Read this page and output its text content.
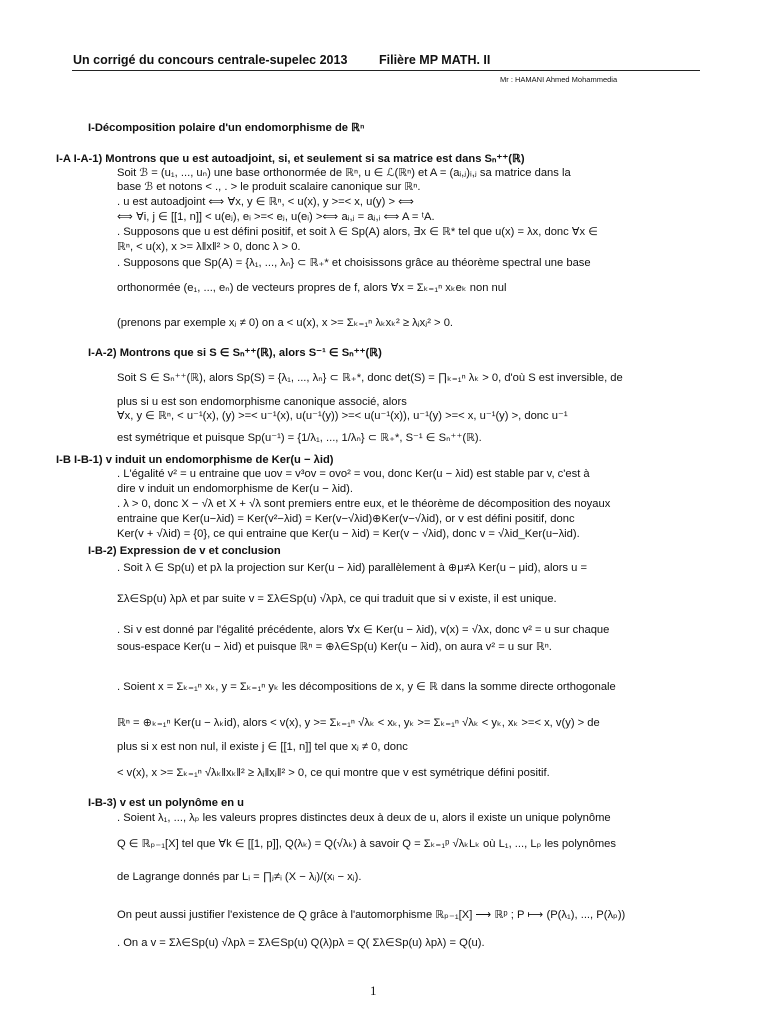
Un corrigé du concours centrale-supelec 2013	Filière MP MATH. II
Mr : HAMANI Ahmed Mohammedia
I-Décomposition polaire d'un endomorphisme de ℝⁿ
I-A I-A-1) Montrons que u est autoadjoint, si, et seulement si sa matrice est dans Sₙ⁺⁺(ℝ)
Soit ℬ = (u₁, ..., uₙ) une base orthonormée de ℝⁿ, u ∈ ℒ(ℝⁿ) et A = (aᵢ,ⱼ)ᵢ,ⱼ sa matrice dans la
base ℬ et notons < ., . > le produit scalaire canonique sur ℝⁿ.
. u est autoadjoint ⟺ ∀x, y ∈ ℝⁿ, < u(x), y >=< x, u(y) > ⟺
⟺ ∀i, j ∈ [[1, n]] < u(eⱼ), eᵢ >=< eⱼ, u(eᵢ) >⟺ aᵢ,ⱼ = aⱼ,ᵢ ⟺ A = ᵗA.
. Supposons que u est défini positif, et soit λ ∈ Sp(A) alors, ∃x ∈ ℝ* tel que u(x) = λx, donc ∀x ∈
ℝⁿ, < u(x), x >= λ‖x‖² > 0, donc λ > 0.
. Supposons que Sp(A) = {λ₁, ..., λₙ} ⊂ ℝ₊* et choisissons grâce au théorème spectral une base
orthonormée (e₁, ..., eₙ) de vecteurs propres de f, alors ∀x = Σₖ₌₁ⁿ xₖeₖ non nul
(prenons par exemple xⱼ ≠ 0) on a < u(x), x >= Σₖ₌₁ⁿ λₖxₖ² ≥ λⱼxⱼ² > 0.
I-A-2) Montrons que si S ∈ Sₙ⁺⁺(ℝ), alors S⁻¹ ∈ Sₙ⁺⁺(ℝ)
Soit S ∈ Sₙ⁺⁺(ℝ), alors Sp(S) = {λ₁, ..., λₙ} ⊂ ℝ₊*, donc det(S) = ∏ₖ₌₁ⁿ λₖ > 0, d'où S est inversible, de
plus si u est son endomorphisme canonique associé, alors
∀x, y ∈ ℝⁿ, < u⁻¹(x), (y) >=< u⁻¹(x), u(u⁻¹(y)) >=< u(u⁻¹(x)), u⁻¹(y) >=< x, u⁻¹(y) >, donc u⁻¹
est symétrique et puisque Sp(u⁻¹) = {1/λ₁, ..., 1/λₙ} ⊂ ℝ₊*, S⁻¹ ∈ Sₙ⁺⁺(ℝ).
I-B I-B-1) v induit un endomorphisme de Ker(u − λid)
. L'égalité v² = u entraine que uov = v³ov = ovo² = vou, donc Ker(u − λid) est stable par v, c'est à
dire v induit un endomorphisme de Ker(u − λid).
. λ > 0, donc X − √λ et X + √λ sont premiers entre eux, et le théorème de décomposition des noyaux
entraine que Ker(u−λid) = Ker(v²−λid) = Ker(v−√λid)⊕Ker(v−√λid), or v est défini positif, donc
Ker(v + √λid) = {0}, ce qui entraine que Ker(u − λid) = Ker(v − √λid), donc v = √λid_Ker(u−λid).
I-B-2) Expression de v et conclusion
. Soit λ ∈ Sp(u) et pλ la projection sur Ker(u − λid) parallèlement à ⊕μ≠λ Ker(u − μid), alors u =
Σλ∈Sp(u) λpλ et par suite v = Σλ∈Sp(u) √λpλ, ce qui traduit que si v existe, il est unique.
. Si v est donné par l'égalité précédente, alors ∀x ∈ Ker(u − λid), v(x) = √λx, donc v² = u sur chaque
sous-espace Ker(u − λid) et puisque ℝⁿ = ⊕λ∈Sp(u) Ker(u − λid), on aura v² = u sur ℝⁿ.
. Soient x = Σₖ₌₁ⁿ xₖ, y = Σₖ₌₁ⁿ yₖ les décompositions de x, y ∈ ℝ dans la somme directe orthogonale
ℝⁿ = ⊕ₖ₌₁ⁿ Ker(u − λₖid), alors < v(x), y >= Σₖ₌₁ⁿ √λₖ < xₖ, yₖ >= Σₖ₌₁ⁿ √λₖ < yₖ, xₖ >=< x, v(y) > de
plus si x est non nul, il existe j ∈ [[1, n]] tel que xⱼ ≠ 0, donc
< v(x), x >= Σₖ₌₁ⁿ √λₖ‖xₖ‖² ≥ λⱼ‖xⱼ‖² > 0, ce qui montre que v est symétrique défini positif.
I-B-3) v est un polynôme en u
. Soient λ₁, ..., λₚ les valeurs propres distinctes deux à deux de u, alors il existe un unique polynôme
Q ∈ ℝₚ₋₁[X] tel que ∀k ∈ [[1, p]], Q(λₖ) = Q(√λₖ) à savoir Q = Σₖ₌₁ᵖ √λₖLₖ où L₁, ..., Lₚ les polynômes
de Lagrange donnés par Lᵢ = ∏ⱼ≠ᵢ (X − λⱼ)/(xᵢ − xⱼ).
On peut aussi justifier l'existence de Q grâce à l'automorphisme ℝₚ₋₁[X] ⟶ ℝᵖ ; P ⟼ (P(λ₁), ..., P(λₚ))
. On a v = Σλ∈Sp(u) √λpλ = Σλ∈Sp(u) Q(λ)pλ = Q( Σλ∈Sp(u) λpλ) = Q(u).
1
